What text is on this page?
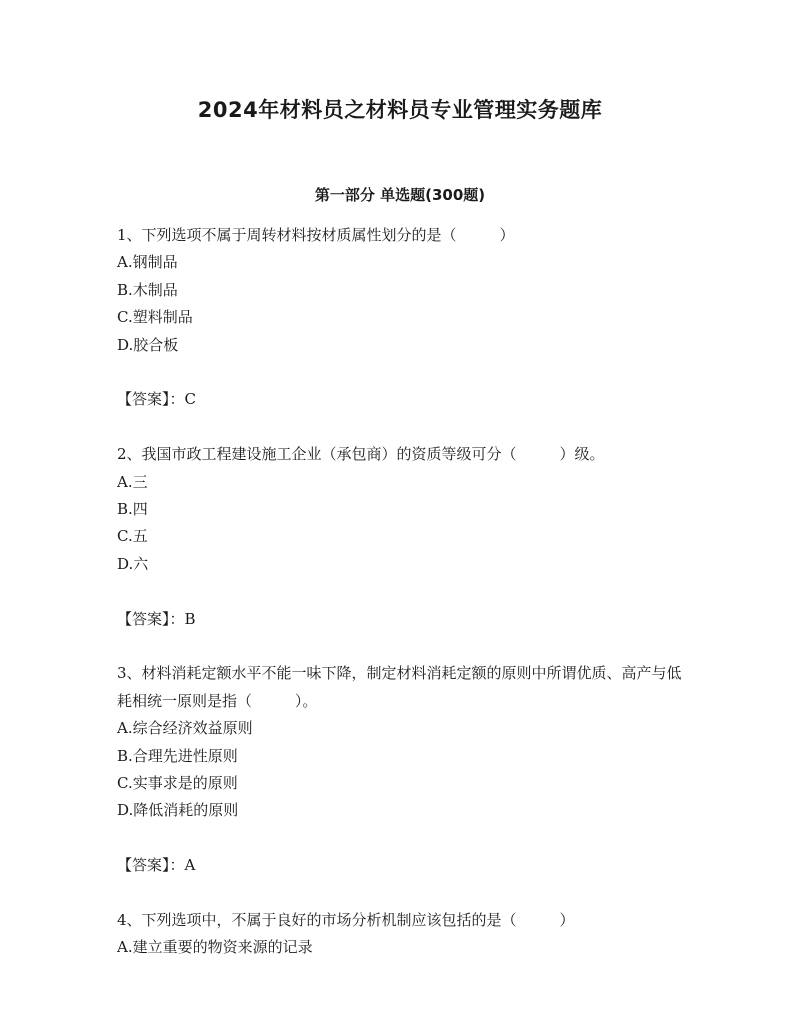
2024年材料员之材料员专业管理实务题库
第一部分 单选题(300题)
1、下列选项不属于周转材料按材质属性划分的是（         ）
A.钢制品
B.木制品
C.塑料制品
D.胶合板
【答案】：C
2、我国市政工程建设施工企业（承包商）的资质等级可分（         ）级。
A.三
B.四
C.五
D.六
【答案】：B
3、材料消耗定额水平不能一味下降，制定材料消耗定额的原则中所谓优质、高产与低耗相统一原则是指（         ）。
A.综合经济效益原则
B.合理先进性原则
C.实事求是的原则
D.降低消耗的原则
【答案】：A
4、下列选项中，不属于良好的市场分析机制应该包括的是（         ）
A.建立重要的物资来源的记录
